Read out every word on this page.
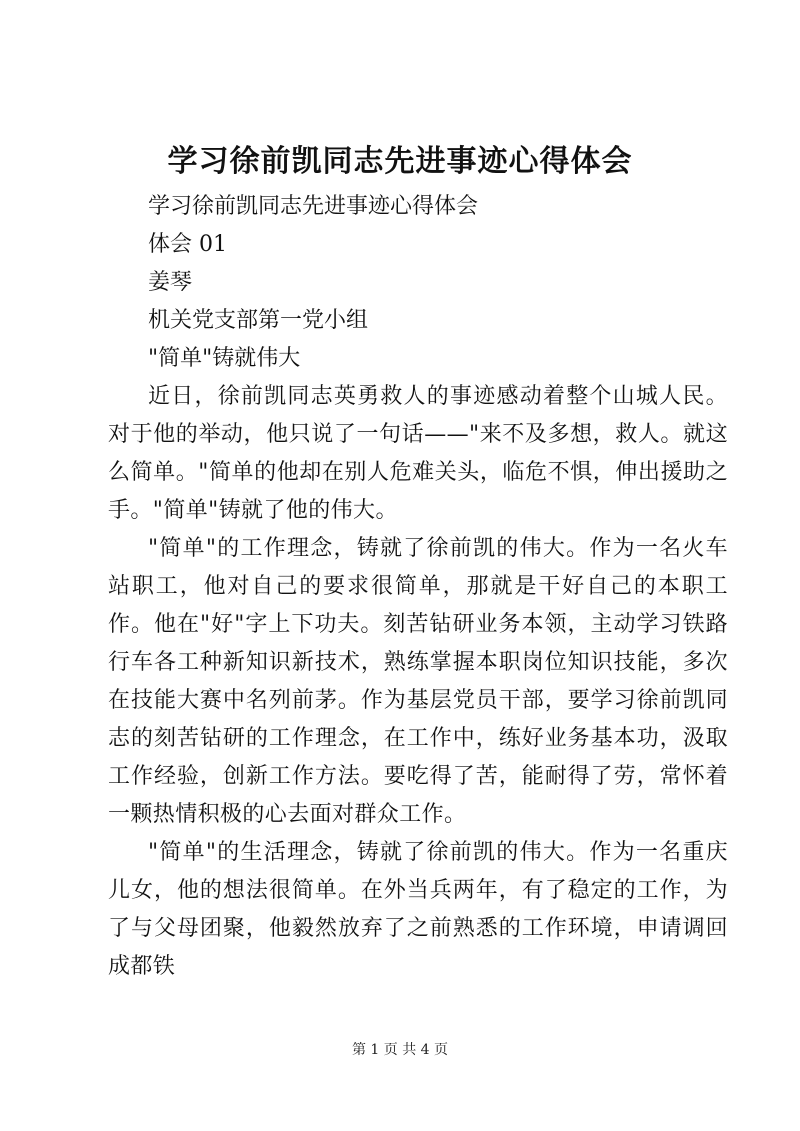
学习徐前凯同志先进事迹心得体会

学习徐前凯同志先进事迹心得体会

体会 01

姜琴

机关党支部第一党小组

"简单"铸就伟大

近日，徐前凯同志英勇救人的事迹感动着整个山城人民。对于他的举动，他只说了一句话——"来不及多想，救人。就这么简单。"简单的他却在别人危难关头，临危不惧，伸出援助之手。"简单"铸就了他的伟大。

"简单"的工作理念，铸就了徐前凯的伟大。作为一名火车站职工，他对自己的要求很简单，那就是干好自己的本职工作。他在"好"字上下功夫。刻苦钻研业务本领，主动学习铁路行车各工种新知识新技术，熟练掌握本职岗位知识技能，多次在技能大赛中名列前茅。作为基层党员干部，要学习徐前凯同志的刻苦钻研的工作理念，在工作中，练好业务基本功，汲取工作经验，创新工作方法。要吃得了苦，能耐得了劳，常怀着一颗热情积极的心去面对群众工作。

"简单"的生活理念，铸就了徐前凯的伟大。作为一名重庆儿女，他的想法很简单。在外当兵两年，有了稳定的工作，为了与父母团聚，他毅然放弃了之前熟悉的工作环境，申请调回成都铁

第 1 页 共 4 页
